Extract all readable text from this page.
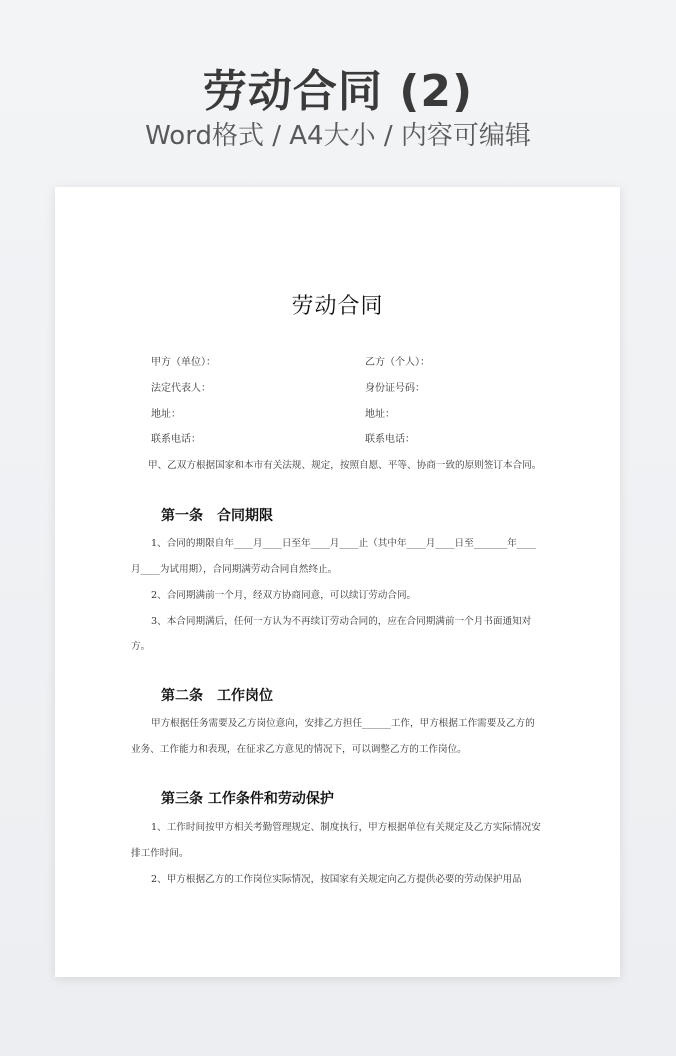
劳动合同 (2)
Word格式 / A4大小 / 内容可编辑
劳动合同
甲方（单位）：	乙方（个人）：
法定代表人：	身份证号码：
地址：	地址：
联系电话：	联系电话：
甲、乙双方根据国家和本市有关法规、规定，按照自愿、平等、协商一致的原则签订本合同。
第一条　合同期限
1、合同的期限自年____月____日至年____月____止（其中年____月____日至_______年____
月____为试用期），合同期满劳动合同自然终止。
2、合同期满前一个月，经双方协商同意，可以续订劳动合同。
3、本合同期满后，任何一方认为不再续订劳动合同的，应在合同期满前一个月书面通知对
方。
第二条　工作岗位
甲方根据任务需要及乙方岗位意向，安排乙方担任______工作，甲方根据工作需要及乙方的
业务、工作能力和表现，在征求乙方意见的情况下，可以调整乙方的工作岗位。
第三条 工作条件和劳动保护
1、工作时间按甲方相关考勤管理规定、制度执行，甲方根据单位有关规定及乙方实际情况安
排工作时间。
2、甲方根据乙方的工作岗位实际情况，按国家有关规定向乙方提供必要的劳动保护用品
